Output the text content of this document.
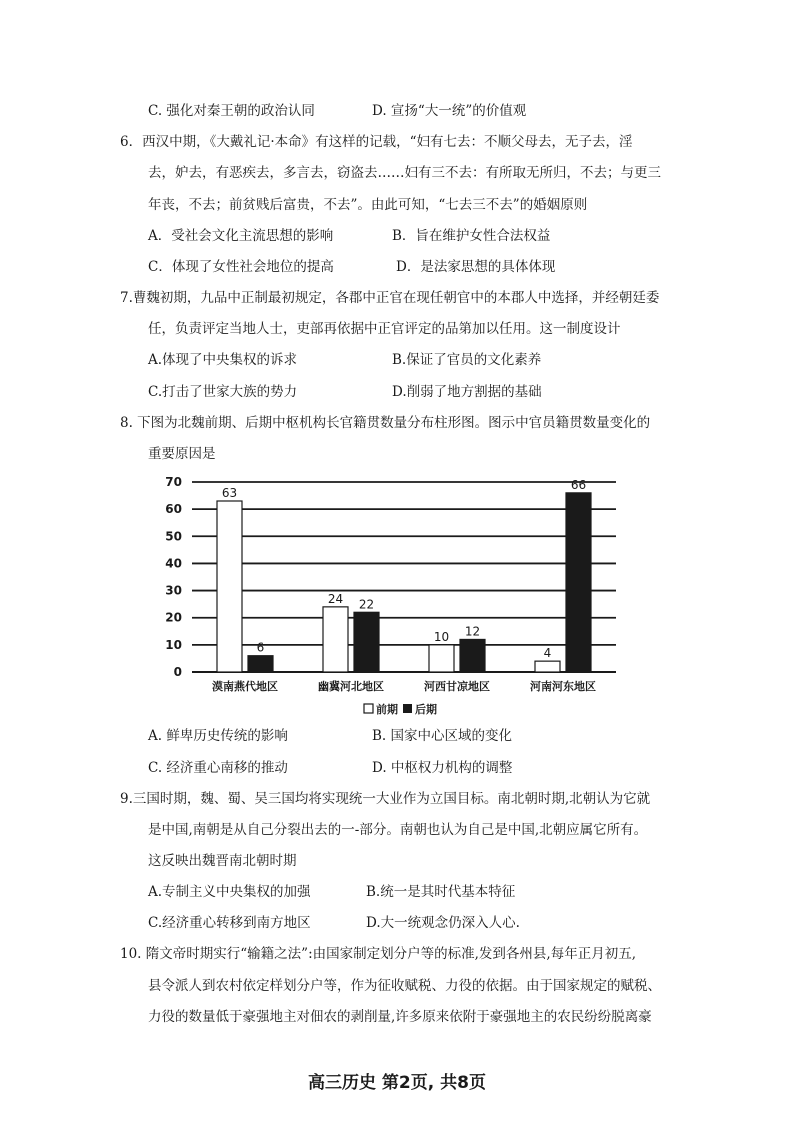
C. 强化对秦王朝的政治认同	D. 宣扬“大一统”的价值观
6．西汉中期，《大戴礼记·本命》有这样的记载，“妇有七去：不顺父母去，无子去，淫
去，妒去，有恶疾去，多言去，窃盗去……妇有三不去：有所取无所归，不去；与更三
年丧，不去；前贫贱后富贵，不去”。由此可知，“七去三不去”的婚姻原则
A．受社会文化主流思想的影响	B．旨在维护女性合法权益
C．体现了女性社会地位的提高	D．是法家思想的具体体现
7.曹魏初期，九品中正制最初规定，各郡中正官在现任朝官中的本郡人中选择，并经朝廷委
任，负责评定当地人士，吏部再依据中正官评定的品第加以任用。这一制度设计
A.体现了中央集权的诉求	B.保证了官员的文化素养
C.打击了世家大族的势力	D.削弱了地方割据的基础
8. 下图为北魏前期、后期中枢机构长官籍贯数量分布柱形图。图示中官员籍贯数量变化的
重要原因是
0
10
20
30
40
50
60
70
63
6
24 22
10 12
4
66
漠南燕代地区	幽冀河北地区	河西甘凉地区	河南河东地区
前期 后期
A. 鲜卑历史传统的影响	B. 国家中心区域的变化
C. 经济重心南移的推动	D. 中枢权力机构的调整
9.三国时期，魏、蜀、吴三国均将实现统一大业作为立国目标。南北朝时期,北朝认为它就
是中国,南朝是从自己分裂出去的一-部分。南朝也认为自己是中国,北朝应属它所有。
这反映出魏晋南北朝时期
A.专制主义中央集权的加强	B.统一是其时代基本特征
C.经济重心转移到南方地区	D.大一统观念仍深入人心.
10. 隋文帝时期实行“输籍之法”:由国家制定划分户等的标准,发到各州县,每年正月初五,
县令派人到农村依定样划分户等，作为征收赋税、力役的依据。由于国家规定的赋税、
力役的数量低于豪强地主对佃农的剥削量,许多原来依附于豪强地主的农民纷纷脱离豪
高三历史 第2页, 共8页
